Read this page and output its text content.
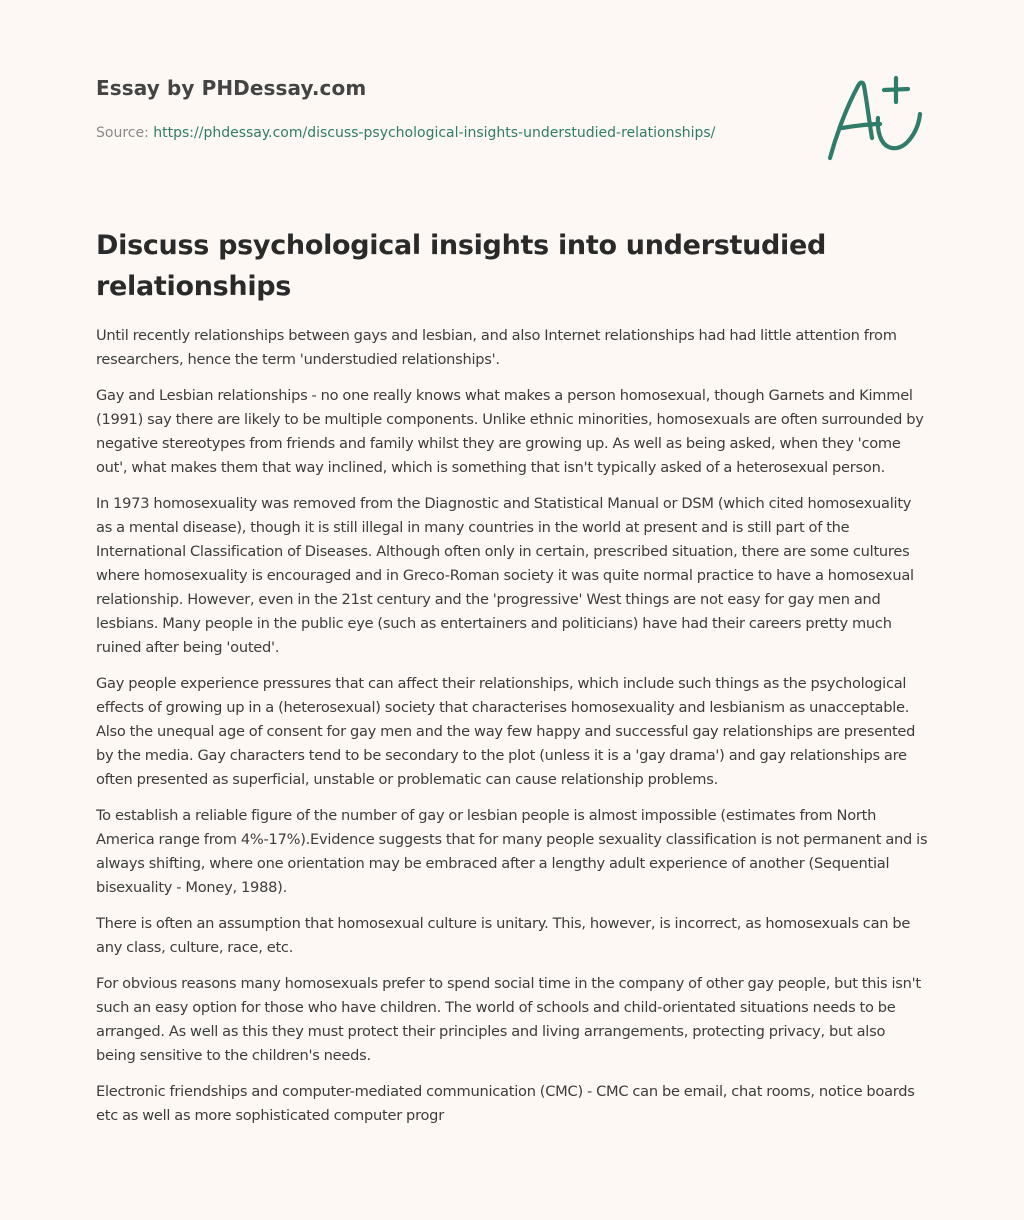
Essay by PHDessay.com
Source: https://phdessay.com/discuss-psychological-insights-understudied-relationships/
Discuss psychological insights into understudied relationships

Until recently relationships between gays and lesbian, and also Internet relationships had had little attention from researchers, hence the term 'understudied relationships'.

Gay and Lesbian relationships - no one really knows what makes a person homosexual, though Garnets and Kimmel (1991) say there are likely to be multiple components. Unlike ethnic minorities, homosexuals are often surrounded by negative stereotypes from friends and family whilst they are growing up. As well as being asked, when they 'come out', what makes them that way inclined, which is something that isn't typically asked of a heterosexual person.

In 1973 homosexuality was removed from the Diagnostic and Statistical Manual or DSM (which cited homosexuality as a mental disease), though it is still illegal in many countries in the world at present and is still part of the International Classification of Diseases. Although often only in certain, prescribed situation, there are some cultures where homosexuality is encouraged and in Greco-Roman society it was quite normal practice to have a homosexual relationship. However, even in the 21st century and the 'progressive' West things are not easy for gay men and lesbians. Many people in the public eye (such as entertainers and politicians) have had their careers pretty much ruined after being 'outed'.

Gay people experience pressures that can affect their relationships, which include such things as the psychological effects of growing up in a (heterosexual) society that characterises homosexuality and lesbianism as unacceptable. Also the unequal age of consent for gay men and the way few happy and successful gay relationships are presented by the media. Gay characters tend to be secondary to the plot (unless it is a 'gay drama') and gay relationships are often presented as superficial, unstable or problematic can cause relationship problems.

To establish a reliable figure of the number of gay or lesbian people is almost impossible (estimates from North America range from 4%-17%).Evidence suggests that for many people sexuality classification is not permanent and is always shifting, where one orientation may be embraced after a lengthy adult experience of another (Sequential bisexuality - Money, 1988).

There is often an assumption that homosexual culture is unitary. This, however, is incorrect, as homosexuals can be any class, culture, race, etc.

For obvious reasons many homosexuals prefer to spend social time in the company of other gay people, but this isn't such an easy option for those who have children. The world of schools and child-orientated situations needs to be arranged. As well as this they must protect their principles and living arrangements, protecting privacy, but also being sensitive to the children's needs.

Electronic friendships and computer-mediated communication (CMC) - CMC can be email, chat rooms, notice boards etc as well as more sophisticated computer progr
